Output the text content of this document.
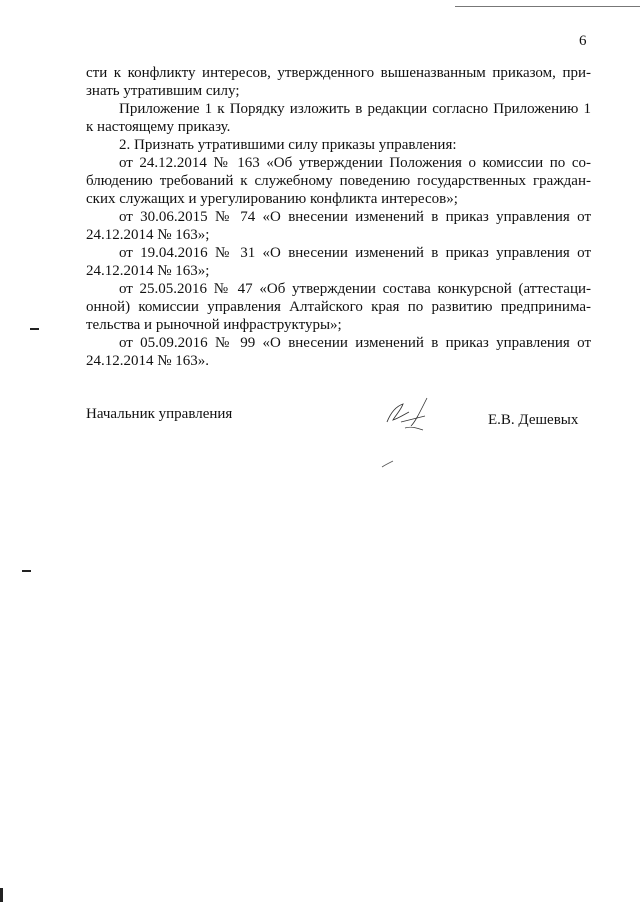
6
сти к конфликту интересов, утвержденного вышеназванным приказом, при-
знать утратившим силу;
Приложение 1 к Порядку изложить в редакции согласно Приложению 1
к настоящему приказу.
2. Признать утратившими силу приказы управления:
от 24.12.2014 № 163 «Об утверждении Положения о комиссии по со-
блюдению требований к служебному поведению государственных граждан-
ских служащих и урегулированию конфликта интересов»;
от 30.06.2015 № 74 «О внесении изменений в приказ управления от
24.12.2014 № 163»;
от 19.04.2016 № 31 «О внесении изменений в приказ управления от
24.12.2014 № 163»;
от 25.05.2016 № 47 «Об утверждении состава конкурсной (аттестаци-
онной) комиссии управления Алтайского края по развитию предпринима-
тельства и рыночной инфраструктуры»;
от 05.09.2016 № 99 «О внесении изменений в приказ управления от
24.12.2014 № 163».
Начальник управления	Е.В. Дешевых
